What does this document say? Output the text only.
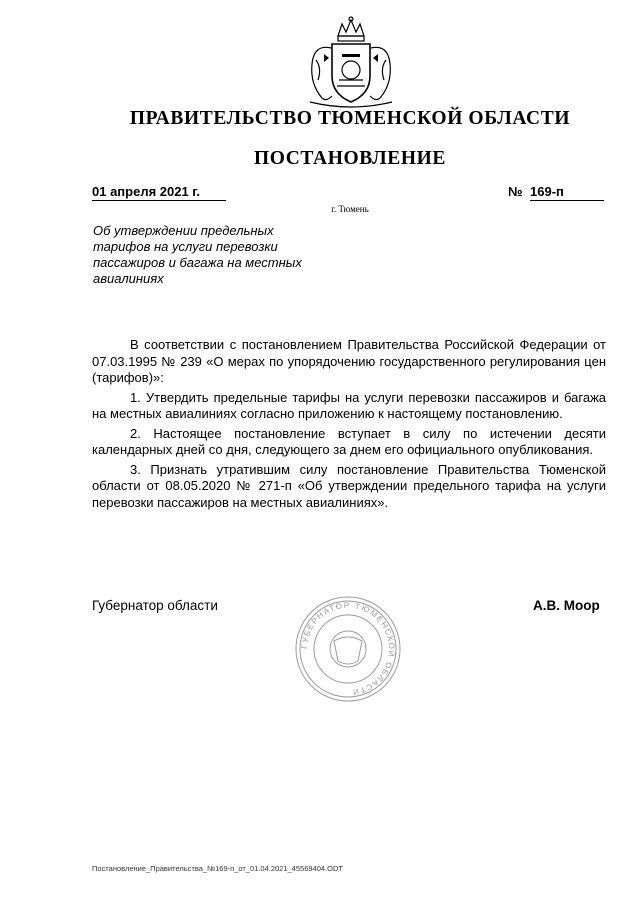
ПРАВИТЕЛЬСТВО ТЮМЕНСКОЙ ОБЛАСТИ
ПОСТАНОВЛЕНИЕ
01 апреля 2021 г.	№ 169-п
г. Тюмень
Об утверждении предельных тарифов на услуги перевозки пассажиров и багажа на местных авиалиниях

В соответствии с постановлением Правительства Российской Федерации от 07.03.1995 № 239 «О мерах по упорядочению государственного регулирования цен (тарифов)»:

1. Утвердить предельные тарифы на услуги перевозки пассажиров и багажа на местных авиалиниях согласно приложению к настоящему постановлению.

2. Настоящее постановление вступает в силу по истечении десяти календарных дней со дня, следующего за днем его официального опубликования.

3. Признать утратившим силу постановление Правительства Тюменской области от 08.05.2020 № 271-п «Об утверждении предельного тарифа на услуги перевозки пассажиров на местных авиалиниях».

Губернатор области
ГУБЕРНАТОР ТЮМЕНСКОЙ ОБЛАСТИ
А.В. Моор
Постановление_Правительства_№169-п_от_01.04.2021_45569404.ODT
